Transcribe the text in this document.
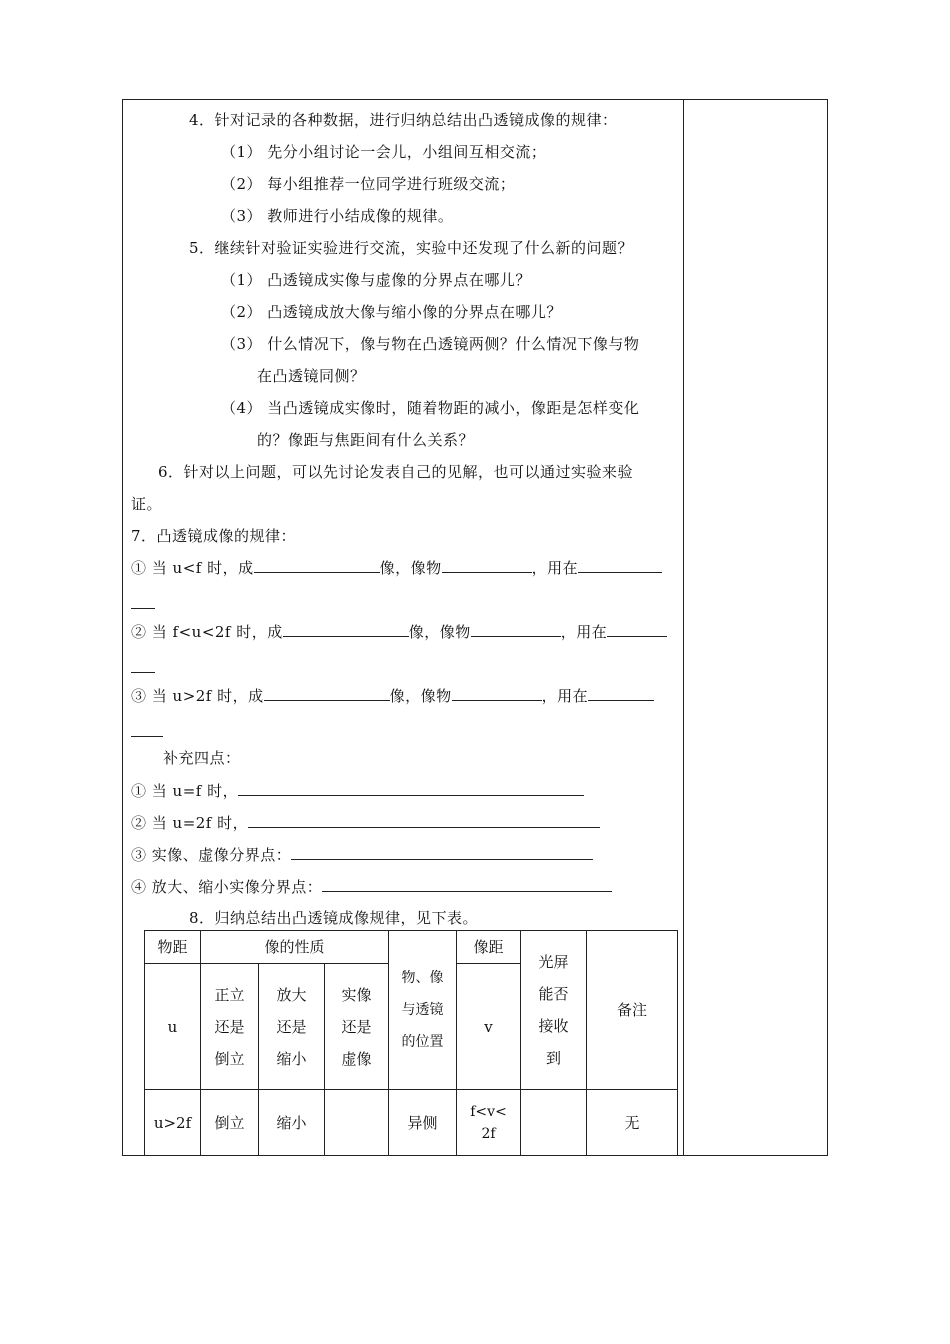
4．针对记录的各种数据，进行归纳总结出凸透镜成像的规律：
（1） 先分小组讨论一会儿，小组间互相交流；
（2） 每小组推荐一位同学进行班级交流；
（3） 教师进行小结成像的规律。
5．继续针对验证实验进行交流，实验中还发现了什么新的问题？
（1） 凸透镜成实像与虚像的分界点在哪儿？
（2） 凸透镜成放大像与缩小像的分界点在哪儿？
（3） 什么情况下，像与物在凸透镜两侧？什么情况下像与物
在凸透镜同侧？
（4） 当凸透镜成实像时，随着物距的减小，像距是怎样变化
的？像距与焦距间有什么关系？
6．针对以上问题，可以先讨论发表自己的见解，也可以通过实验来验
证。
7．凸透镜成像的规律：
① 当 u<f 时，成	像，像物	，用在
② 当 f<u<2f 时，成	像，像物	，用在
③ 当 u>2f 时，成	像，像物	，用在
补充四点：
① 当 u=f 时，
② 当 u=2f 时，
③ 实像、虚像分界点：
④ 放大、缩小实像分界点：
8．归纳总结出凸透镜成像规律，见下表。
物距	像的性质			物、像与透镜的位置	像距	光屏能否接收到	备注
u	正立还是倒立	放大还是缩小	实像还是虚像		v		
u>2f	倒立	缩小		异侧	f<v<2f		无
